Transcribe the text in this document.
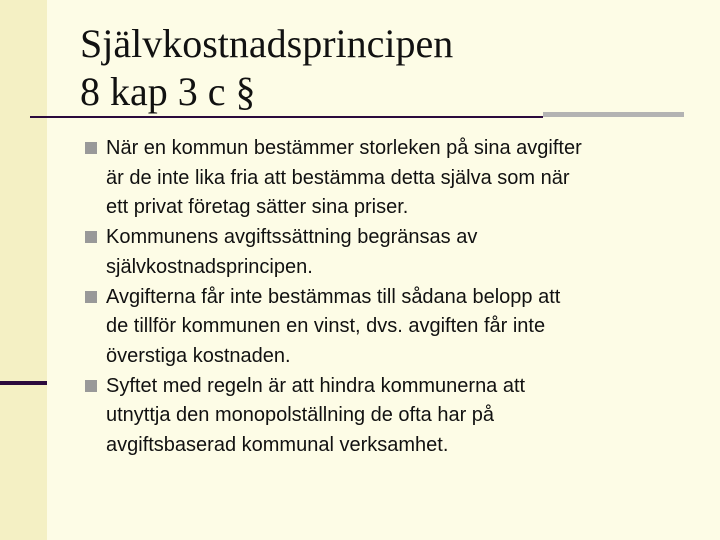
Självkostnadsprincipen
8 kap 3 c §
När en kommun bestämmer storleken på sina avgifter
är de inte lika fria att bestämma detta själva som när
ett privat företag sätter sina priser.
Kommunens avgiftssättning begränsas av
självkostnadsprincipen.
Avgifterna får inte bestämmas till sådana belopp att
de tillför kommunen en vinst, dvs. avgiften får inte
överstiga kostnaden.
Syftet med regeln är att hindra kommunerna att
utnyttja den monopolställning de ofta har på
avgiftsbaserad kommunal verksamhet.
